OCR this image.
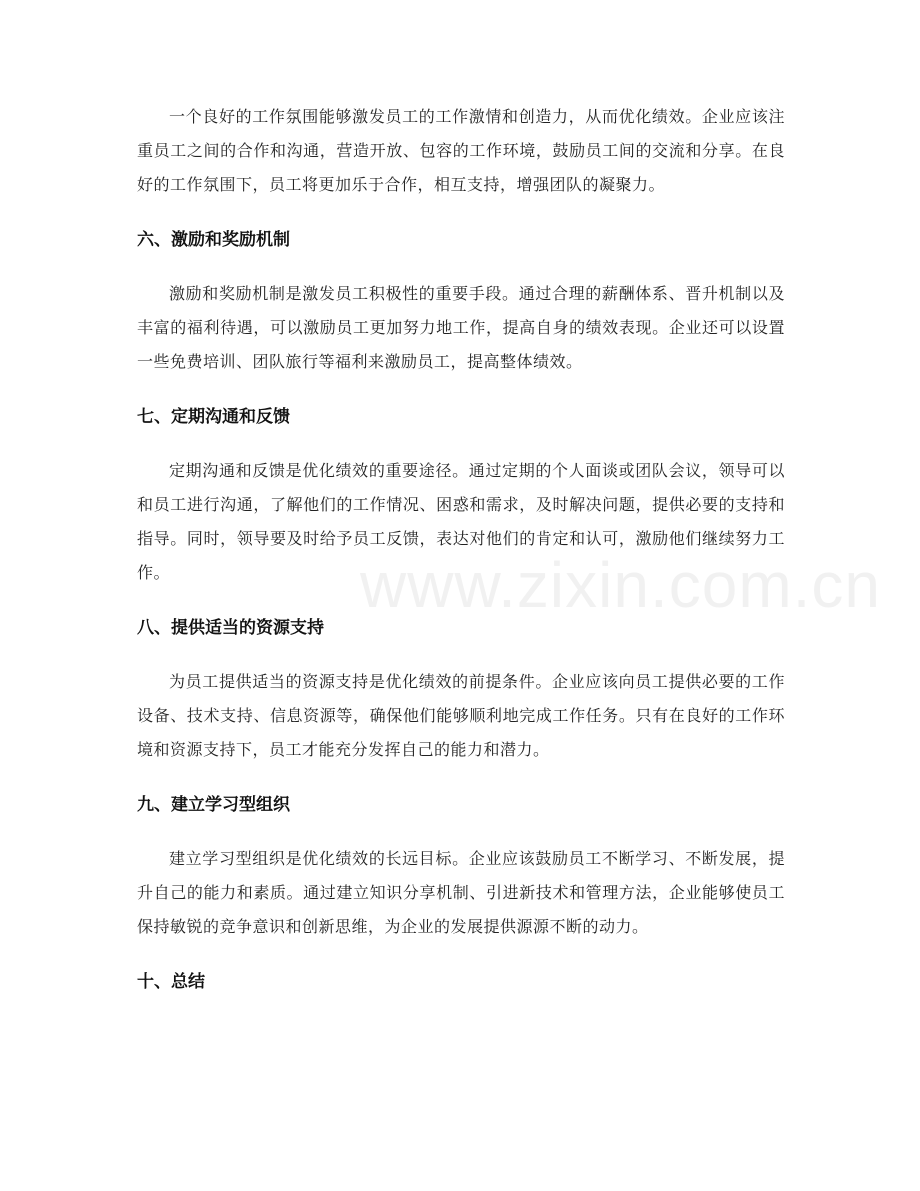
www.zixin.com.cn

一个良好的工作氛围能够激发员工的工作激情和创造力，从而优化绩效。企业应该注重员工之间的合作和沟通，营造开放、包容的工作环境，鼓励员工间的交流和分享。在良好的工作氛围下，员工将更加乐于合作，相互支持，增强团队的凝聚力。

六、激励和奖励机制

激励和奖励机制是激发员工积极性的重要手段。通过合理的薪酬体系、晋升机制以及丰富的福利待遇，可以激励员工更加努力地工作，提高自身的绩效表现。企业还可以设置一些免费培训、团队旅行等福利来激励员工，提高整体绩效。

七、定期沟通和反馈

定期沟通和反馈是优化绩效的重要途径。通过定期的个人面谈或团队会议，领导可以和员工进行沟通，了解他们的工作情况、困惑和需求，及时解决问题，提供必要的支持和指导。同时，领导要及时给予员工反馈，表达对他们的肯定和认可，激励他们继续努力工作。

八、提供适当的资源支持

为员工提供适当的资源支持是优化绩效的前提条件。企业应该向员工提供必要的工作设备、技术支持、信息资源等，确保他们能够顺利地完成工作任务。只有在良好的工作环境和资源支持下，员工才能充分发挥自己的能力和潜力。

九、建立学习型组织

建立学习型组织是优化绩效的长远目标。企业应该鼓励员工不断学习、不断发展，提升自己的能力和素质。通过建立知识分享机制、引进新技术和管理方法，企业能够使员工保持敏锐的竞争意识和创新思维，为企业的发展提供源源不断的动力。

十、总结
